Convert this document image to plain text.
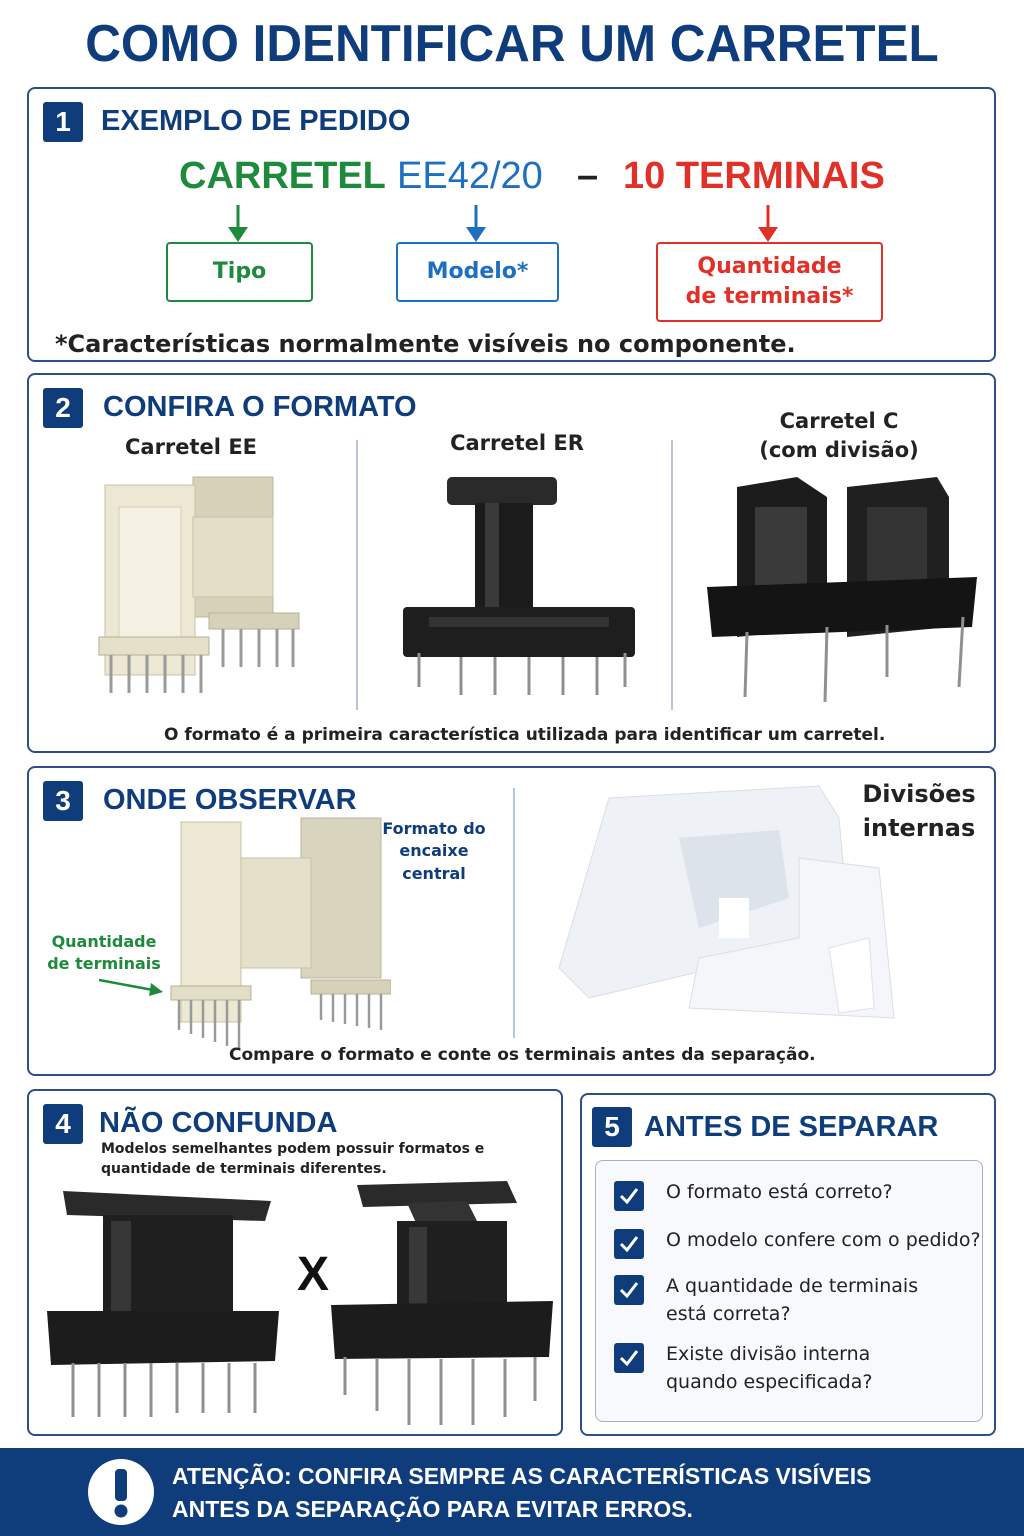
COMO IDENTIFICAR UM CARRETEL
1	EXEMPLO DE PEDIDO
CARRETEL EE42/20 – 10 TERMINAIS
Tipo	Modelo*	Quantidade
de terminais*
*Características normalmente visíveis no componente.
2	CONFIRA O FORMATO
Carretel EE	Carretel ER
Carretel C
(com divisão)
O formato é a primeira característica utilizada para identificar um carretel.
3	ONDE OBSERVAR
Formato do
encaixe
central
Quantidade
de terminais
Divisões
internas
Compare o formato e conte os terminais antes da separação.
4 NÃO CONFUNDA
Modelos semelhantes podem possuir formatos e
quantidade de terminais diferentes.
X
5 ANTES DE SEPARAR
O formato está correto?
O modelo confere com o pedido?
A quantidade de terminais
está correta?
Existe divisão interna
quando especificada?
ATENÇÃO: CONFIRA SEMPRE AS CARACTERÍSTICAS VISÍVEIS
ANTES DA SEPARAÇÃO PARA EVITAR ERROS.
